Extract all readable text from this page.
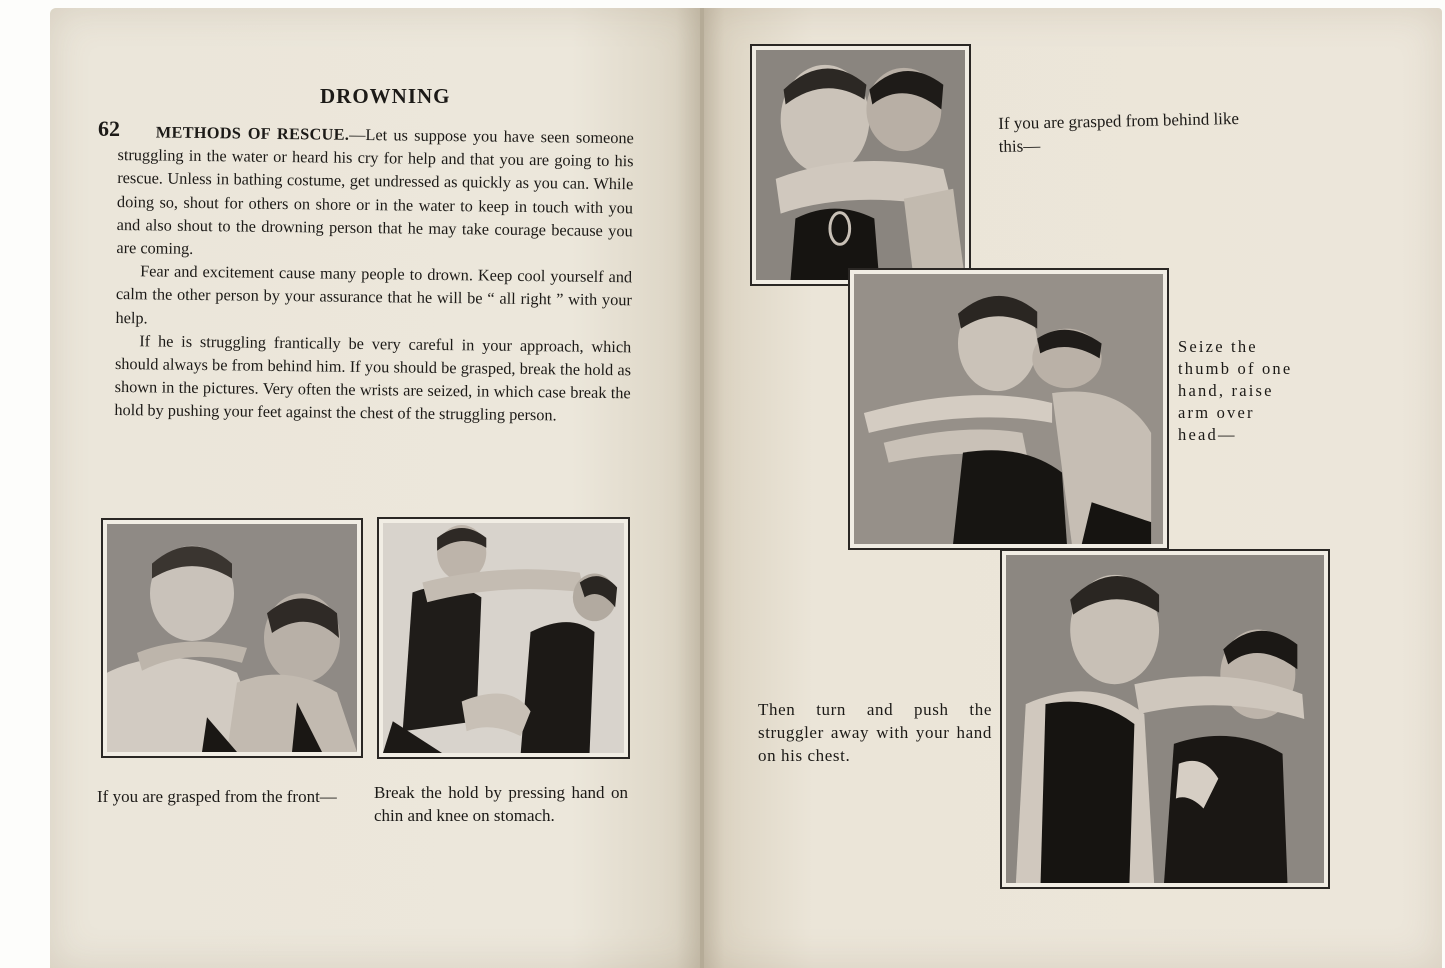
DROWNING
62	METHODS OF RESCUE.—Let us suppose you have seen someone struggling in the water or heard his cry for help and that you are going to his rescue. Unless in bathing costume, get undressed as quickly as you can. While doing so, shout for others on shore or in the water to keep in touch with you and also shout to the drowning person that he may take courage because you are coming.

Fear and excitement cause many people to drown. Keep cool yourself and calm the other person by your assurance that he will be “ all right ” with your help.

If he is struggling frantically be very careful in your approach, which should always be from behind him. If you should be grasped, break the hold as shown in the pictures. Very often the wrists are seized, in which case break the hold by pushing your feet against the chest of the struggling person.

If you are grasped from the front—	Break the hold by pressing hand on chin and knee on stomach.
If you are grasped from behind like this—
Seize the thumb of one hand, raise arm over head—
Then turn and push the struggler away with your hand on his chest.
